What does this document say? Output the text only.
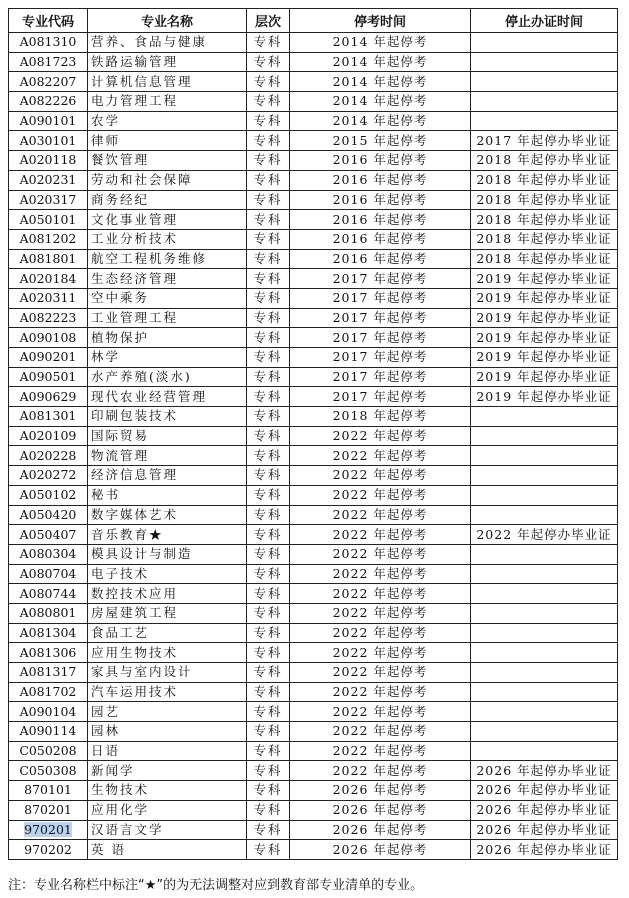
专业代码	专业名称	层次	停考时间	停止办证时间
A081310	营养、食品与健康	专科	2014 年起停考	
A081723	铁路运输管理	专科	2014 年起停考	
A082207	计算机信息管理	专科	2014 年起停考	
A082226	电力管理工程	专科	2014 年起停考	
A090101	农学	专科	2014 年起停考	
A030101	律师	专科	2015 年起停考	2017 年起停办毕业证
A020118	餐饮管理	专科	2016 年起停考	2018 年起停办毕业证
A020231	劳动和社会保障	专科	2016 年起停考	2018 年起停办毕业证
A020317	商务经纪	专科	2016 年起停考	2018 年起停办毕业证
A050101	文化事业管理	专科	2016 年起停考	2018 年起停办毕业证
A081202	工业分析技术	专科	2016 年起停考	2018 年起停办毕业证
A081801	航空工程机务维修	专科	2016 年起停考	2018 年起停办毕业证
A020184	生态经济管理	专科	2017 年起停考	2019 年起停办毕业证
A020311	空中乘务	专科	2017 年起停考	2019 年起停办毕业证
A082223	工业管理工程	专科	2017 年起停考	2019 年起停办毕业证
A090108	植物保护	专科	2017 年起停考	2019 年起停办毕业证
A090201	林学	专科	2017 年起停考	2019 年起停办毕业证
A090501	水产养殖(淡水)	专科	2017 年起停考	2019 年起停办毕业证
A090629	现代农业经营管理	专科	2017 年起停考	2019 年起停办毕业证
A081301	印刷包装技术	专科	2018 年起停考	
A020109	国际贸易	专科	2022 年起停考	
A020228	物流管理	专科	2022 年起停考	
A020272	经济信息管理	专科	2022 年起停考	
A050102	秘书	专科	2022 年起停考	
A050420	数字媒体艺术	专科	2022 年起停考	
A050407	音乐教育★	专科	2022 年起停考	2022 年起停办毕业证
A080304	模具设计与制造	专科	2022 年起停考	
A080704	电子技术	专科	2022 年起停考	
A080744	数控技术应用	专科	2022 年起停考	
A080801	房屋建筑工程	专科	2022 年起停考	
A081304	食品工艺	专科	2022 年起停考	
A081306	应用生物技术	专科	2022 年起停考	
A081317	家具与室内设计	专科	2022 年起停考	
A081702	汽车运用技术	专科	2022 年起停考	
A090104	园艺	专科	2022 年起停考	
A090114	园林	专科	2022 年起停考	
C050208	日语	专科	2022 年起停考	
C050308	新闻学	专科	2022 年起停考	2026 年起停办毕业证
870101	生物技术	专科	2026 年起停考	2026 年起停办毕业证
870201	应用化学	专科	2026 年起停考	2026 年起停办毕业证
970201	汉语言文学	专科	2026 年起停考	2026 年起停办毕业证
970202	英 语	专科	2026 年起停考	2026 年起停办毕业证
注：专业名称栏中标注“★”的为无法调整对应到教育部专业清单的专业。
